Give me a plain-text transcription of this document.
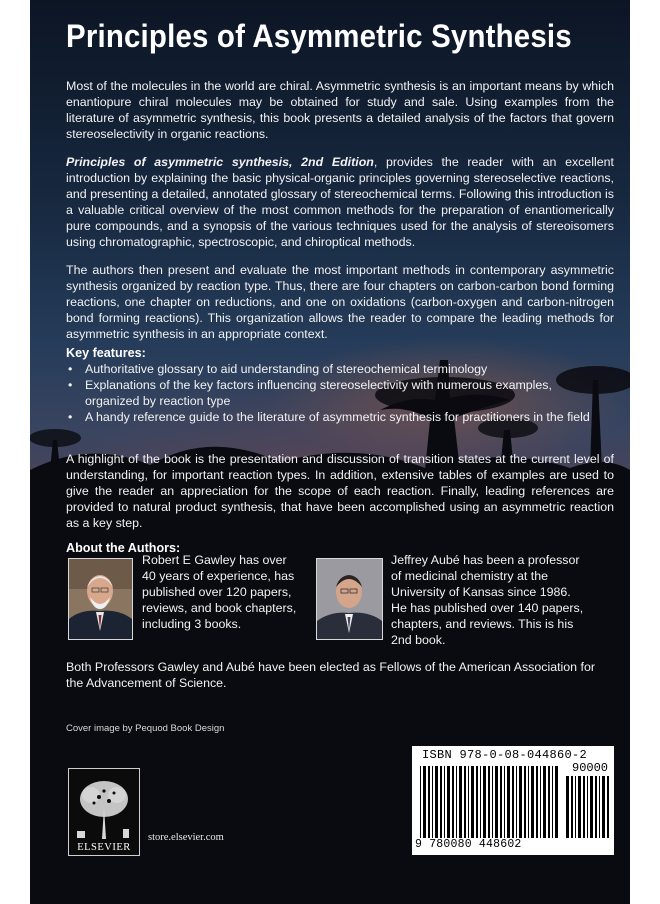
Principles of Asymmetric Synthesis

Most of the molecules in the world are chiral. Asymmetric synthesis is an important means by which enantiopure chiral molecules may be obtained for study and sale. Using examples from the literature of asymmetric synthesis, this book presents a detailed analysis of the factors that govern stereoselectivity in organic reactions.

Principles of asymmetric synthesis, 2nd Edition, provides the reader with an excellent introduction by explaining the basic physical-organic principles governing stereoselective reactions, and presenting a detailed, annotated glossary of stereochemical terms. Following this introduction is a valuable critical overview of the most common methods for the preparation of enantiomerically pure compounds, and a synopsis of the various techniques used for the analysis of stereoisomers using chromatographic, spectroscopic, and chiroptical methods.

The authors then present and evaluate the most important methods in contemporary asymmetric synthesis organized by reaction type. Thus, there are four chapters on carbon-carbon bond forming reactions, one chapter on reductions, and one on oxidations (carbon-oxygen and carbon-nitrogen bond forming reactions). This organization allows the reader to compare the leading methods for asymmetric synthesis in an appropriate context.

Key features:
• Authoritative glossary to aid understanding of stereochemical terminology
• Explanations of the key factors influencing stereoselectivity with numerous examples, organized by reaction type
• A handy reference guide to the literature of asymmetric synthesis for practitioners in the field

A highlight of the book is the presentation and discussion of transition states at the current level of understanding, for important reaction types. In addition, extensive tables of examples are used to give the reader an appreciation for the scope of each reaction. Finally, leading references are provided to natural product synthesis, that have been accomplished using an asymmetric reaction as a key step.

About the Authors:

Robert E Gawley has over
40 years of experience, has
published over 120 papers,
reviews, and book chapters,
including 3 books.

Jeffrey Aubé has been a professor
of medicinal chemistry at the
University of Kansas since 1986.
He has published over 140 papers,
chapters, and reviews. This is his
2nd book.

Both Professors Gawley and Aubé have been elected as Fellows of the American Association for the Advancement of Science.

Cover image by Pequod Book Design
ELSEVIER
store.elsevier.com
ISBN 978-0-08-044860-2
90000
9 780080 448602
